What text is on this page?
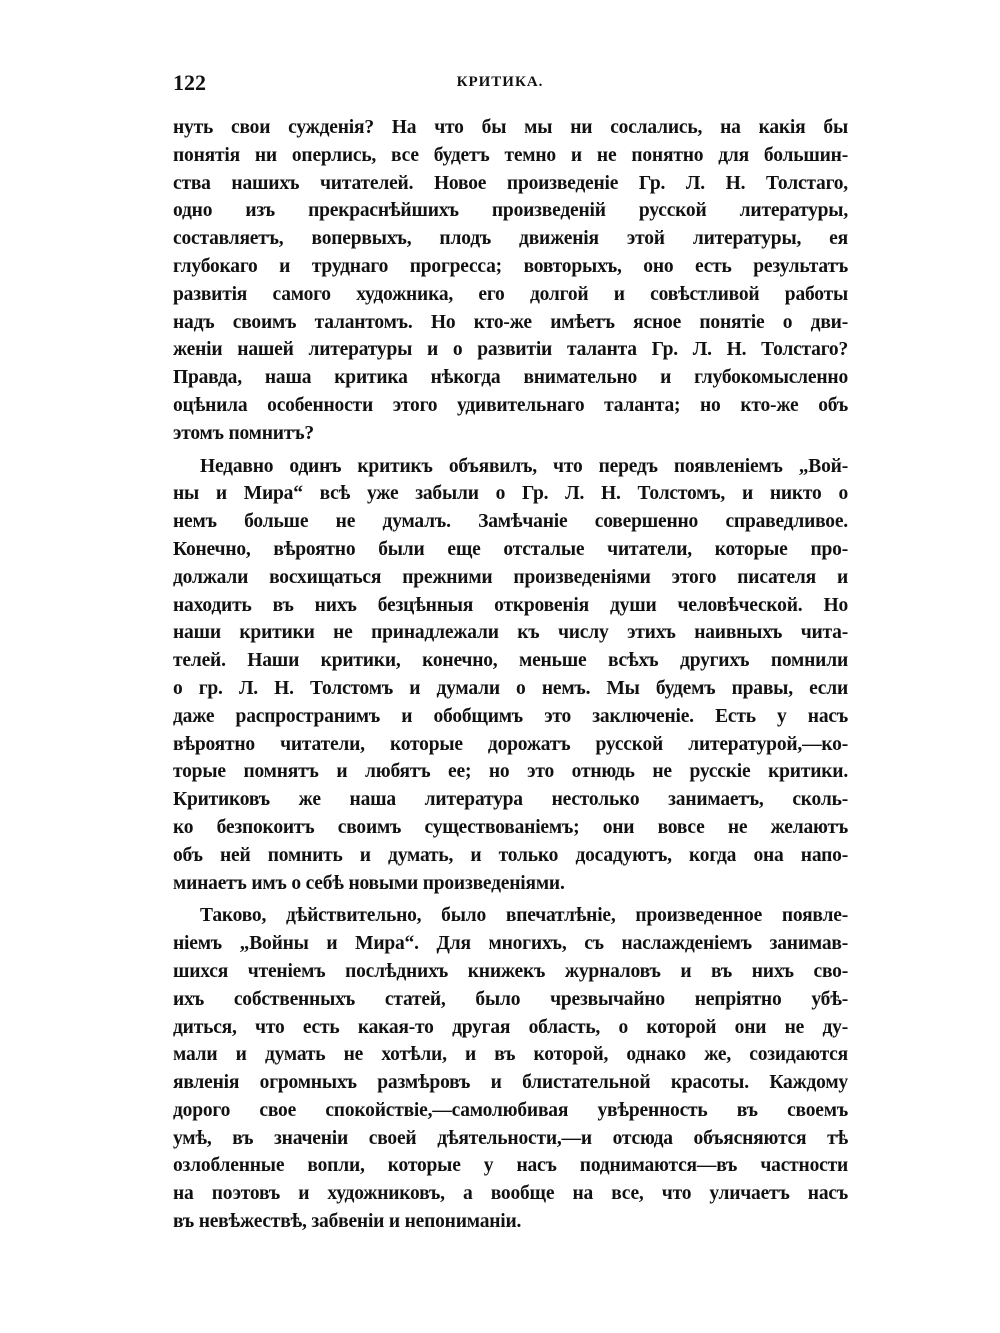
122	КРИТИКА.
нуть свои сужденія? На что бы мы ни сослались, на какія бы
понятія ни оперлись, все будетъ темно и не понятно для большин-
ства нашихъ читателей. Новое произведеніе Гр. Л. Н. Толстаго,
одно изъ прекраснѣйшихъ произведеній русской литературы,
составляетъ, вопервыхъ, плодъ движенія этой литературы, ея
глубокаго и труднаго прогресса; вовторыхъ, оно есть результатъ
развитія самого художника, его долгой и совѣстливой работы
надъ своимъ талантомъ. Но кто-же имѣетъ ясное понятіе о дви-
женіи нашей литературы и о развитіи таланта Гр. Л. Н. Толстаго?
Правда, наша критика нѣкогда внимательно и глубокомысленно
оцѣнила особенности этого удивительнаго таланта; но кто-же объ
этомъ помнитъ?
Недавно одинъ критикъ объявилъ, что передъ появленіемъ „Вой-
ны и Мира“ всѣ уже забыли о Гр. Л. Н. Толстомъ, и никто о
немъ больше не думалъ. Замѣчаніе совершенно справедливое.
Конечно, вѣроятно были еще отсталые читатели, которые про-
должали восхищаться прежними произведеніями этого писателя и
находить въ нихъ безцѣнныя откровенія души человѣческой. Но
наши критики не принадлежали къ числу этихъ наивныхъ чита-
телей. Наши критики, конечно, меньше всѣхъ другихъ помнили
о гр. Л. Н. Толстомъ и думали о немъ. Мы будемъ правы, если
даже распространимъ и обобщимъ это заключеніе. Есть у насъ
вѣроятно читатели, которые дорожатъ русской литературой,—ко-
торые помнятъ и любятъ ее; но это отнюдь не русскіе критики.
Критиковъ же наша литература нестолько занимаетъ, сколь-
ко безпокоитъ своимъ существованіемъ; они вовсе не желаютъ
объ ней помнить и думать, и только досадуютъ, когда она напо-
минаетъ имъ о себѣ новыми произведеніями.
Таково, дѣйствительно, было впечатлѣніе, произведенное появле-
ніемъ „Войны и Мира“. Для многихъ, съ наслажденіемъ занимав-
шихся чтеніемъ послѣднихъ книжекъ журналовъ и въ нихъ сво-
ихъ собственныхъ статей, было чрезвычайно непріятно убѣ-
диться, что есть какая-то другая область, о которой они не ду-
мали и думать не хотѣли, и въ которой, однако же, созидаются
явленія огромныхъ размѣровъ и блистательной красоты. Каждому
дорого свое спокойствіе,—самолюбивая увѣренность въ своемъ
умѣ, въ значеніи своей дѣятельности,—и отсюда объясняются тѣ
озлобленные вопли, которые у насъ поднимаются—въ частности
на поэтовъ и художниковъ, а вообще на все, что уличаетъ насъ
въ невѣжествѣ, забвеніи и непониманіи.
